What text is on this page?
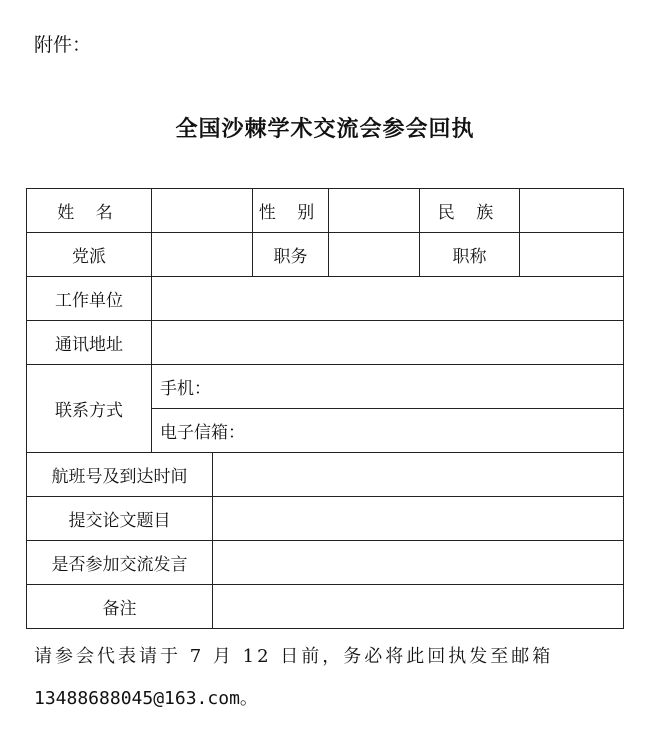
附件：
全国沙棘学术交流会参会回执
姓 名			性 别		民 族	
党派			职务		职称	
工作单位						
通讯地址						
联系方式	手机：					
	电子信箱：					
航班号及到达时间						
提交论文题目						
是否参加交流发言						
备注						
请参会代表请于 7 月 12 日前，务必将此回执发至邮箱
13488688045@163.com。
